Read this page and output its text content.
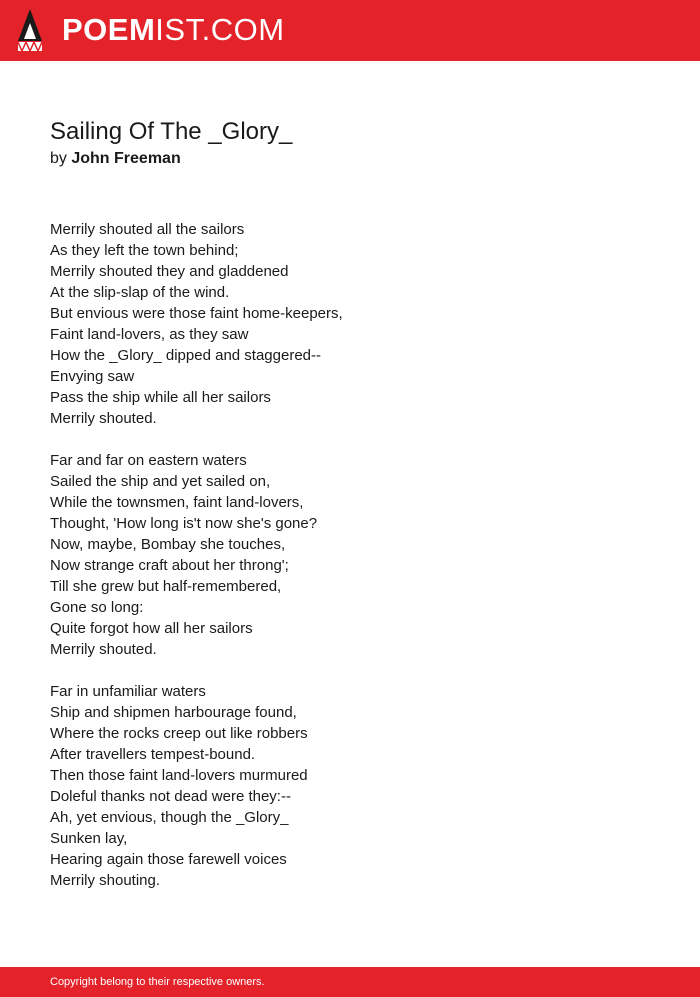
POEMIST.COM
Sailing Of The _Glory_
by John Freeman
Merrily shouted all the sailors
As they left the town behind;
Merrily shouted they and gladdened
At the slip-slap of the wind.
But envious were those faint home-keepers,
Faint land-lovers, as they saw
How the _Glory_ dipped and staggered--
Envying saw
Pass the ship while all her sailors
Merrily shouted.
Far and far on eastern waters
Sailed the ship and yet sailed on,
While the townsmen, faint land-lovers,
Thought, 'How long is't now she's gone?
Now, maybe, Bombay she touches,
Now strange craft about her throng';
Till she grew but half-remembered,
Gone so long:
Quite forgot how all her sailors
Merrily shouted.
Far in unfamiliar waters
Ship and shipmen harbourage found,
Where the rocks creep out like robbers
After travellers tempest-bound.
Then those faint land-lovers murmured
Doleful thanks not dead were they:--
Ah, yet envious, though the _Glory_
Sunken lay,
Hearing again those farewell voices
Merrily shouting.
Copyright belong to their respective owners.
